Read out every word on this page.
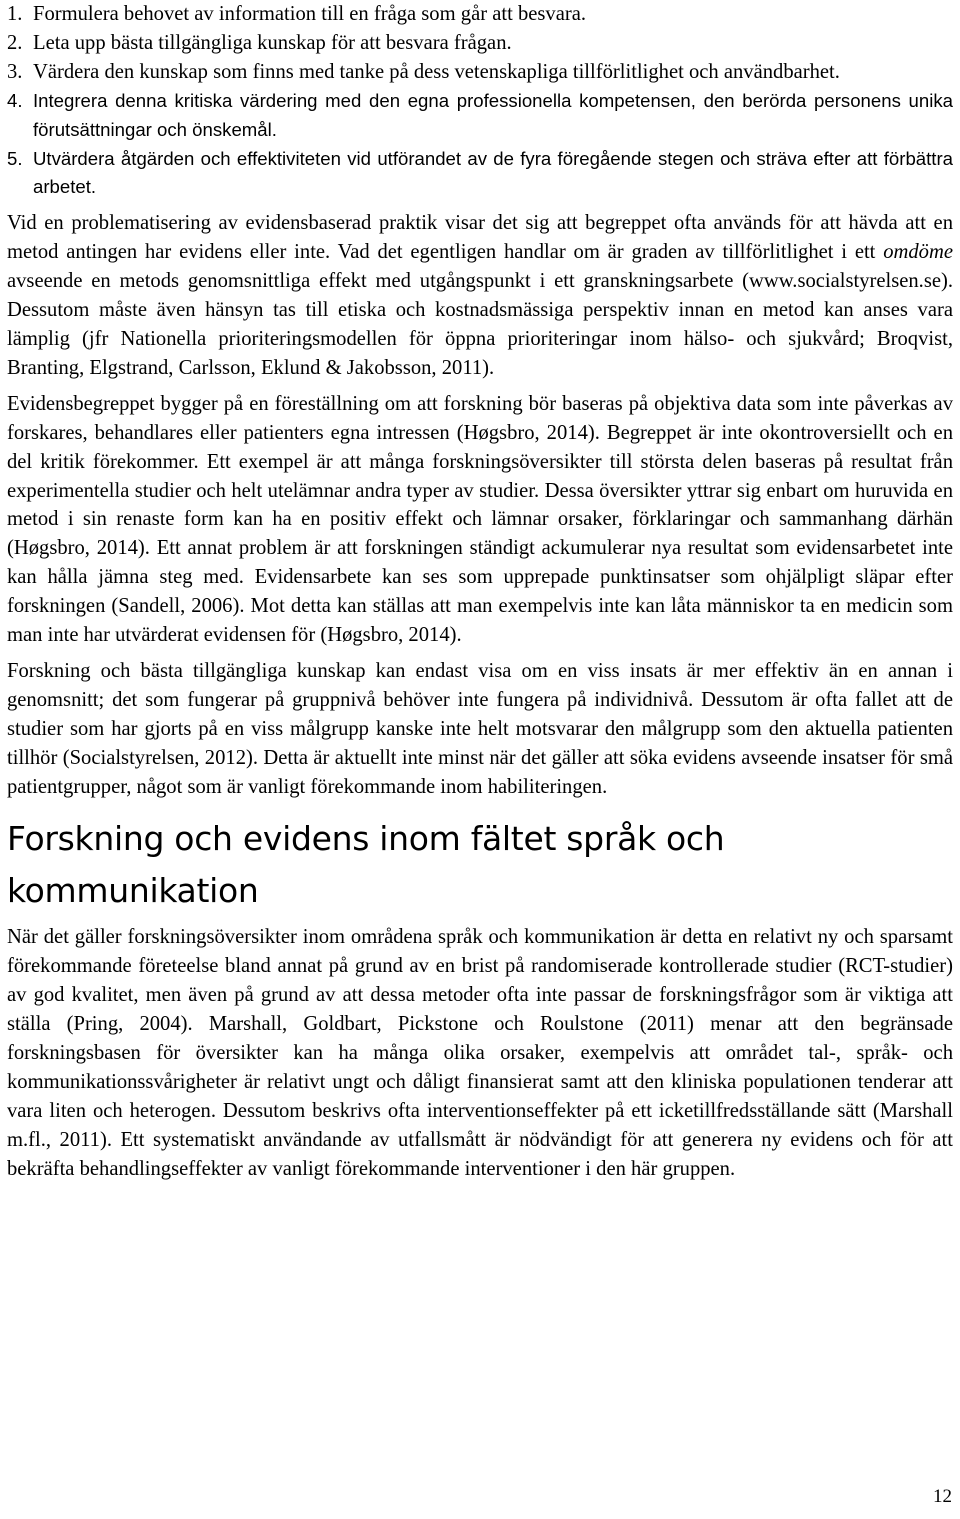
1. Formulera behovet av information till en fråga som går att besvara.
2. Leta upp bästa tillgängliga kunskap för att besvara frågan.
3. Värdera den kunskap som finns med tanke på dess vetenskapliga tillförlitlighet och användbarhet.
4. Integrera denna kritiska värdering med den egna professionella kompetensen, den berörda personens unika förutsättningar och önskemål.
5. Utvärdera åtgärden och effektiviteten vid utförandet av de fyra föregående stegen och sträva efter att förbättra arbetet.

Vid en problematisering av evidensbaserad praktik visar det sig att begreppet ofta används för att hävda att en metod antingen har evidens eller inte. Vad det egentligen handlar om är graden av tillförlitlighet i ett omdöme avseende en metods genomsnittliga effekt med utgångspunkt i ett granskningsarbete (www.socialstyrelsen.se). Dessutom måste även hänsyn tas till etiska och kostnadsmässiga perspektiv innan en metod kan anses vara lämplig (jfr Nationella prioriteringsmodellen för öppna prioriteringar inom hälso- och sjukvård; Broqvist, Branting, Elgstrand, Carlsson, Eklund & Jakobsson, 2011).

Evidensbegreppet bygger på en föreställning om att forskning bör baseras på objektiva data som inte påverkas av forskares, behandlares eller patienters egna intressen (Høgsbro, 2014). Begreppet är inte okontroversiellt och en del kritik förekommer. Ett exempel är att många forskningsöversikter till största delen baseras på resultat från experimentella studier och helt utelämnar andra typer av studier. Dessa översikter yttrar sig enbart om huruvida en metod i sin renaste form kan ha en positiv effekt och lämnar orsaker, förklaringar och sammanhang därhän (Høgsbro, 2014). Ett annat problem är att forskningen ständigt ackumulerar nya resultat som evidensarbetet inte kan hålla jämna steg med. Evidensarbete kan ses som upprepade punktinsatser som ohjälpligt släpar efter forskningen (Sandell, 2006). Mot detta kan ställas att man exempelvis inte kan låta människor ta en medicin som man inte har utvärderat evidensen för (Høgsbro, 2014).

Forskning och bästa tillgängliga kunskap kan endast visa om en viss insats är mer effektiv än en annan i genomsnitt; det som fungerar på gruppnivå behöver inte fungera på individnivå. Dessutom är ofta fallet att de studier som har gjorts på en viss målgrupp kanske inte helt motsvarar den målgrupp som den aktuella patienten tillhör (Socialstyrelsen, 2012). Detta är aktuellt inte minst när det gäller att söka evidens avseende insatser för små patientgrupper, något som är vanligt förekommande inom habiliteringen.

Forskning och evidens inom fältet språk och kommunikation

När det gäller forskningsöversikter inom områdena språk och kommunikation är detta en relativt ny och sparsamt förekommande företeelse bland annat på grund av en brist på randomiserade kontrollerade studier (RCT-studier) av god kvalitet, men även på grund av att dessa metoder ofta inte passar de forskningsfrågor som är viktiga att ställa (Pring, 2004). Marshall, Goldbart, Pickstone och Roulstone (2011) menar att den begränsade forskningsbasen för översikter kan ha många olika orsaker, exempelvis att området tal-, språk- och kommunikationssvårigheter är relativt ungt och dåligt finansierat samt att den kliniska populationen tenderar att vara liten och heterogen. Dessutom beskrivs ofta interventionseffekter på ett icketillfredsställande sätt (Marshall m.fl., 2011). Ett systematiskt användande av utfallsmått är nödvändigt för att generera ny evidens och för att bekräfta behandlingseffekter av vanligt förekommande interventioner i den här gruppen.

12
